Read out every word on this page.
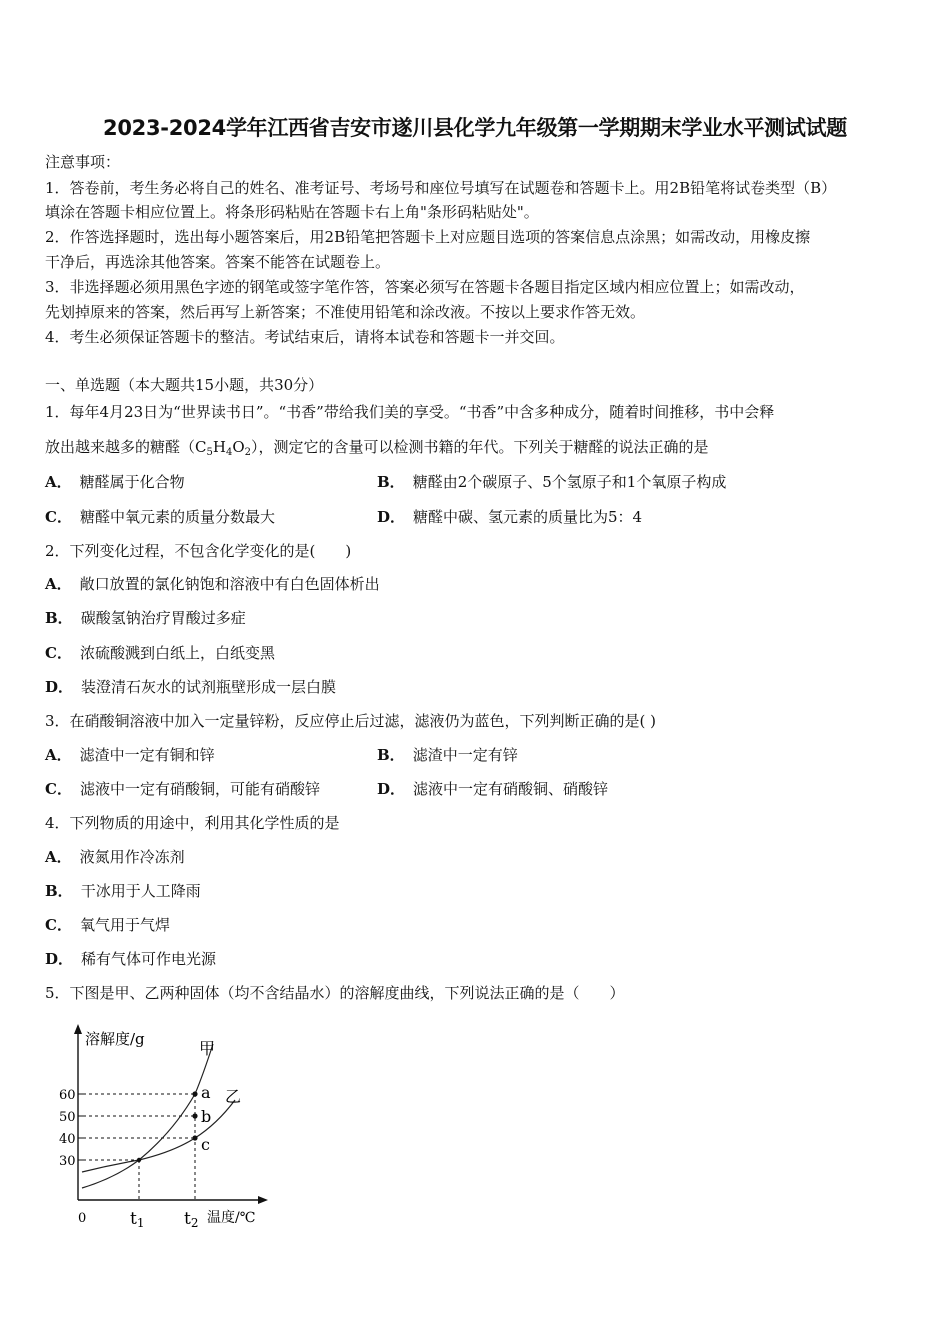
2023-2024学年江西省吉安市遂川县化学九年级第一学期期末学业水平测试试题
注意事项：
1．答卷前，考生务必将自己的姓名、准考证号、考场号和座位号填写在试题卷和答题卡上。用2B铅笔将试卷类型（B）
填涂在答题卡相应位置上。将条形码粘贴在答题卡右上角"条形码粘贴处"。
2．作答选择题时，选出每小题答案后，用2B铅笔把答题卡上对应题目选项的答案信息点涂黑；如需改动，用橡皮擦
干净后，再选涂其他答案。答案不能答在试题卷上。
3．非选择题必须用黑色字迹的钢笔或签字笔作答，答案必须写在答题卡各题目指定区域内相应位置上；如需改动，
先划掉原来的答案，然后再写上新答案；不准使用铅笔和涂改液。不按以上要求作答无效。
4．考生必须保证答题卡的整洁。考试结束后，请将本试卷和答题卡一并交回。
一、单选题（本大题共15小题，共30分）
1．每年4月23日为“世界读书日”。“书香”带给我们美的享受。“书香”中含多种成分，随着时间推移，书中会释
放出越来越多的糖醛$(C_5H_4O_2)$，测定它的含量可以检测书籍的年代。下列关于糖醛的说法正确的是
A． 糖醛属于化合物	B． 糖醛由2个碳原子、5个氢原子和1个氧原子构成
C． 糖醛中氧元素的质量分数最大	D． 糖醛中碳、氢元素的质量比为5：4
2．下列变化过程，不包含化学变化的是(　　)
A． 敞口放置的氯化钠饱和溶液中有白色固体析出
B． 碳酸氢钠治疗胃酸过多症
C． 浓硫酸溅到白纸上，白纸变黑
D． 装澄清石灰水的试剂瓶壁形成一层白膜
3．在硝酸铜溶液中加入一定量锌粉，反应停止后过滤，滤液仍为蓝色，下列判断正确的是( )
A． 滤渣中一定有铜和锌	B． 滤渣中一定有锌
C． 滤液中一定有硝酸铜，可能有硝酸锌	D． 滤液中一定有硝酸铜、硝酸锌
4．下列物质的用途中，利用其化学性质的是
A． 液氮用作冷冻剂
B． 干冰用于人工降雨
C． 氧气用于气焊
D． 稀有气体可作电光源
5．下图是甲、乙两种固体（均不含结晶水）的溶解度曲线，下列说法正确的是（　　）
溶解度/g
温度/℃
0
30
40
50
60
t1 t2
甲
乙
a
b
c
